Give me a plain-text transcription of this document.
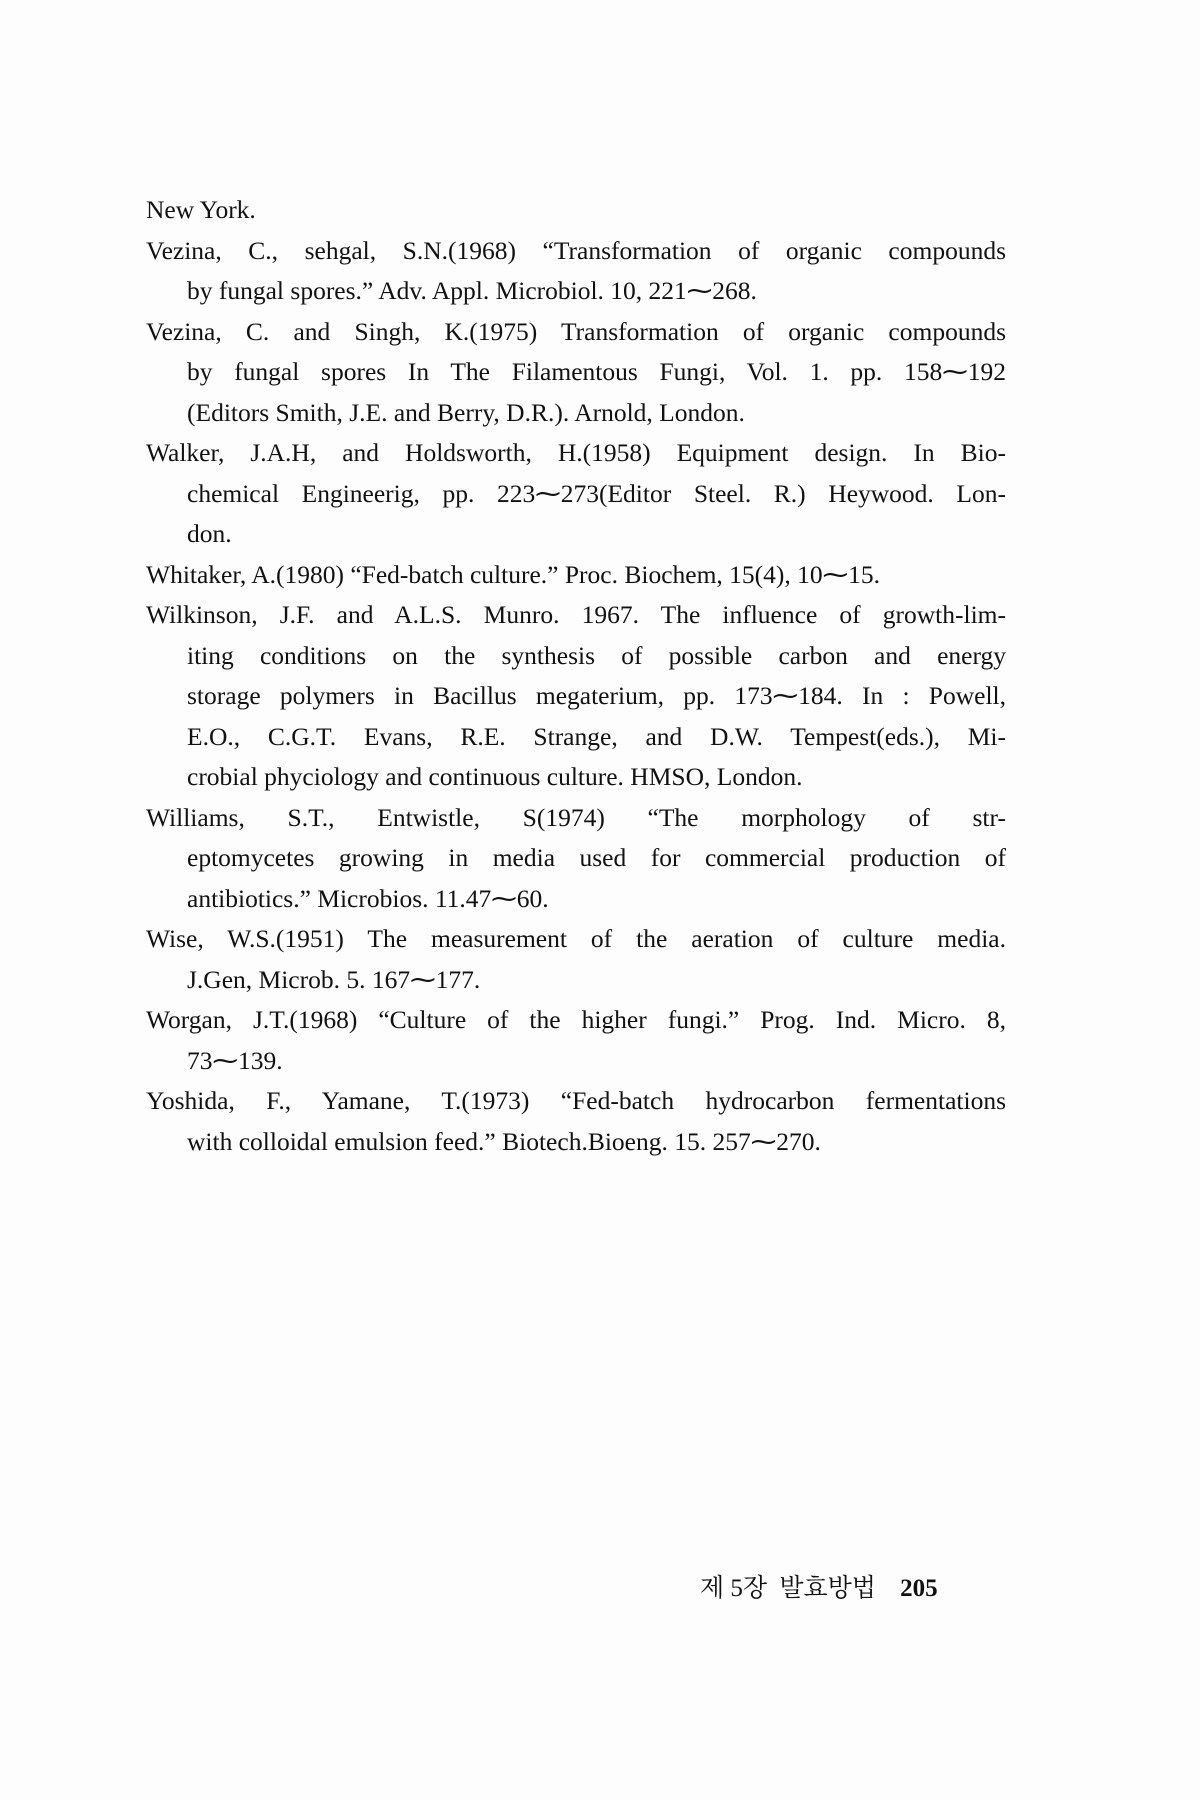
New York.
Vezina, C., sehgal, S.N.(1968) “Transformation of organic compounds
by fungal spores.” Adv. Appl. Microbiol. 10, 221⁓268.
Vezina, C. and Singh, K.(1975) Transformation of organic compounds
by fungal spores In The Filamentous Fungi, Vol. 1. pp. 158⁓192
(Editors Smith, J.E. and Berry, D.R.). Arnold, London.
Walker, J.A.H, and Holdsworth, H.(1958) Equipment design. In Bio-
chemical Engineerig, pp. 223⁓273(Editor Steel. R.) Heywood. Lon-
don.
Whitaker, A.(1980) “Fed-batch culture.” Proc. Biochem, 15(4), 10⁓15.
Wilkinson, J.F. and A.L.S. Munro. 1967. The influence of growth-lim-
iting conditions on the synthesis of possible carbon and energy
storage polymers in Bacillus megaterium, pp. 173⁓184. In : Powell,
E.O., C.G.T. Evans, R.E. Strange, and D.W. Tempest(eds.), Mi-
crobial phyciology and continuous culture. HMSO, London.
Williams, S.T., Entwistle, S(1974) “The morphology of str-
eptomycetes growing in media used for commercial production of
antibiotics.” Microbios. 11.47⁓60.
Wise, W.S.(1951) The measurement of the aeration of culture media.
J.Gen, Microb. 5. 167⁓177.
Worgan, J.T.(1968) “Culture of the higher fungi.” Prog. Ind. Micro. 8,
73⁓139.
Yoshida, F., Yamane, T.(1973) “Fed-batch hydrocarbon fermentations
with colloidal emulsion feed.” Biotech.Bioeng. 15. 257⁓270.
제 5장 발효방법 205
